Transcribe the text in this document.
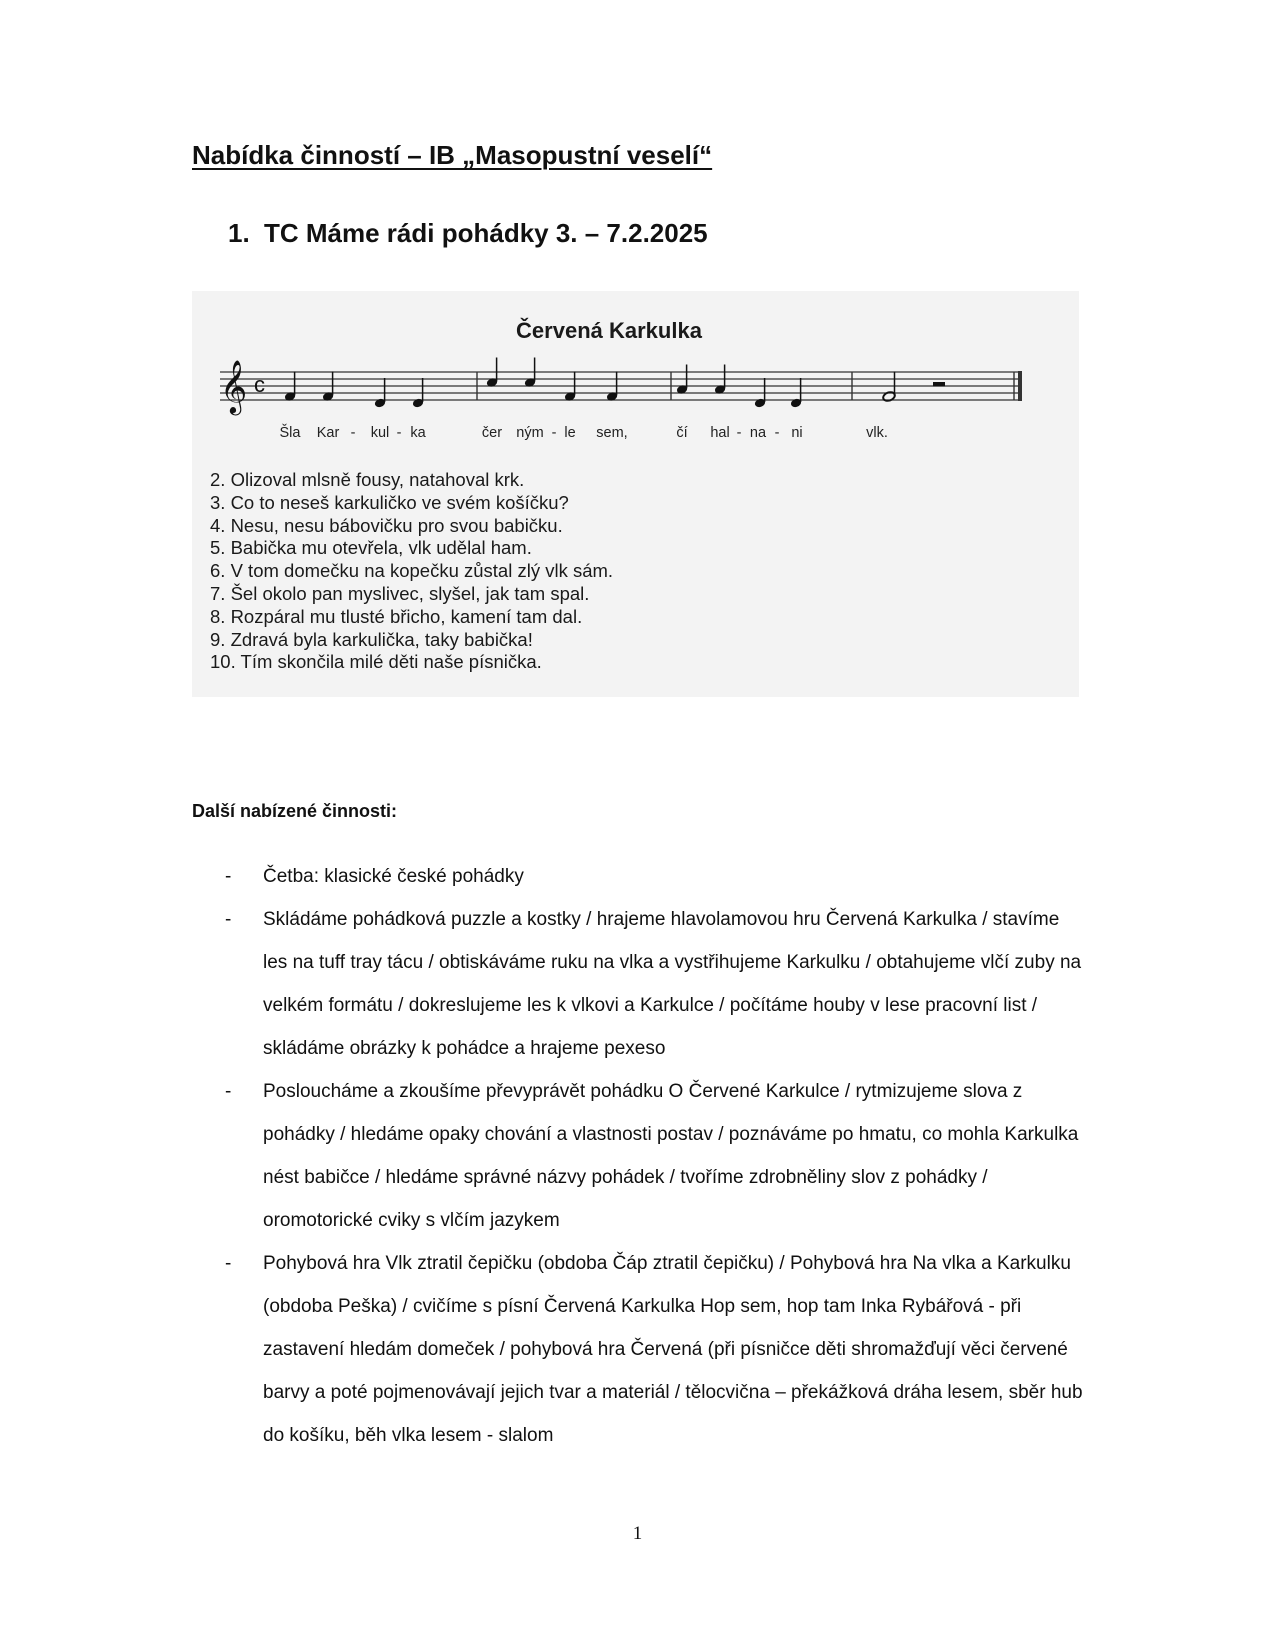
Nabídka činností – IB „Masopustní veselí“
1. TC Máme rádi pohádky 3. – 7.2.2025
Červená Karkulka
𝄞 c
Šla Kar kul ka	čer ným le sem,	čí hal na ni	vlk.
-	-	-	- -
2. Olizoval mlsně fousy, natahoval krk.
3. Co to neseš karkuličko ve svém košíčku?
4. Nesu, nesu bábovičku pro svou babičku.
5. Babička mu otevřela, vlk udělal ham.
6. V tom domečku na kopečku zůstal zlý vlk sám.
7. Šel okolo pan myslivec, slyšel, jak tam spal.
8. Rozpáral mu tlusté břicho, kamení tam dal.
9. Zdravá byla karkulička, taky babička!
10. Tím skončila milé děti naše písnička.
Další nabízené činnosti:
- Četba: klasické české pohádky
- Skládáme pohádková puzzle a kostky / hrajeme hlavolamovou hru Červená Karkulka / stavíme les na tuff tray tácu / obtiskáváme ruku na vlka a vystřihujeme Karkulku / obtahujeme vlčí zuby na velkém formátu / dokreslujeme les k vlkovi a Karkulce / počítáme houby v lese pracovní list / skládáme obrázky k pohádce a hrajeme pexeso
- Posloucháme a zkoušíme převyprávět pohádku O Červené Karkulce / rytmizujeme slova z pohádky / hledáme opaky chování a vlastnosti postav / poznáváme po hmatu, co mohla Karkulka nést babičce / hledáme správné názvy pohádek / tvoříme zdrobněliny slov z pohádky / oromotorické cviky s vlčím jazykem
- Pohybová hra Vlk ztratil čepičku (obdoba Čáp ztratil čepičku) / Pohybová hra Na vlka a Karkulku (obdoba Peška) / cvičíme s písní Červená Karkulka Hop sem, hop tam Inka Rybářová - při zastavení hledám domeček / pohybová hra Červená (při písničce děti shromažďují věci červené barvy a poté pojmenovávají jejich tvar a materiál / tělocvična – překážková dráha lesem, sběr hub do košíku, běh vlka lesem - slalom
1
